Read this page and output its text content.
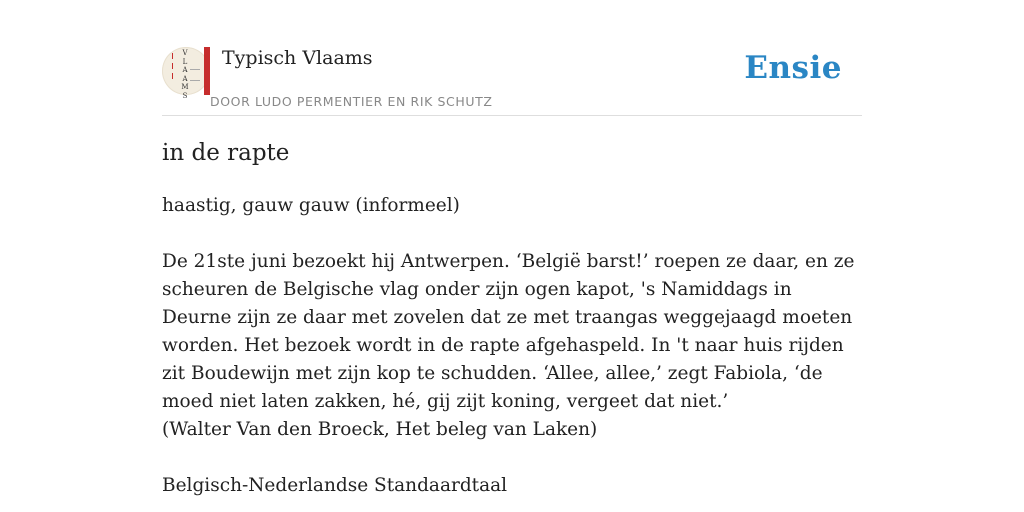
V
L
A
A
M
S
Typisch Vlaams
DOOR LUDO PERMENTIER EN RIK SCHUTZ
Ensie
in de rapte

haastig, gauw gauw (informeel)

De 21ste juni bezoekt hij Antwerpen. ‘België barst!’ roepen ze daar, en ze scheuren de Belgische vlag onder zijn ogen kapot, 's Namiddags in Deurne zijn ze daar met zovelen dat ze met traangas weggejaagd moeten worden. Het bezoek wordt in de rapte afgehaspeld. In 't naar huis rijden zit Boudewijn met zijn kop te schudden. ‘Allee, allee,’ zegt Fabiola, ‘de moed niet laten zakken, hé, gij zijt koning, vergeet dat niet.’

(Walter Van den Broeck, Het beleg van Laken)

Belgisch-Nederlandse Standaardtaal
